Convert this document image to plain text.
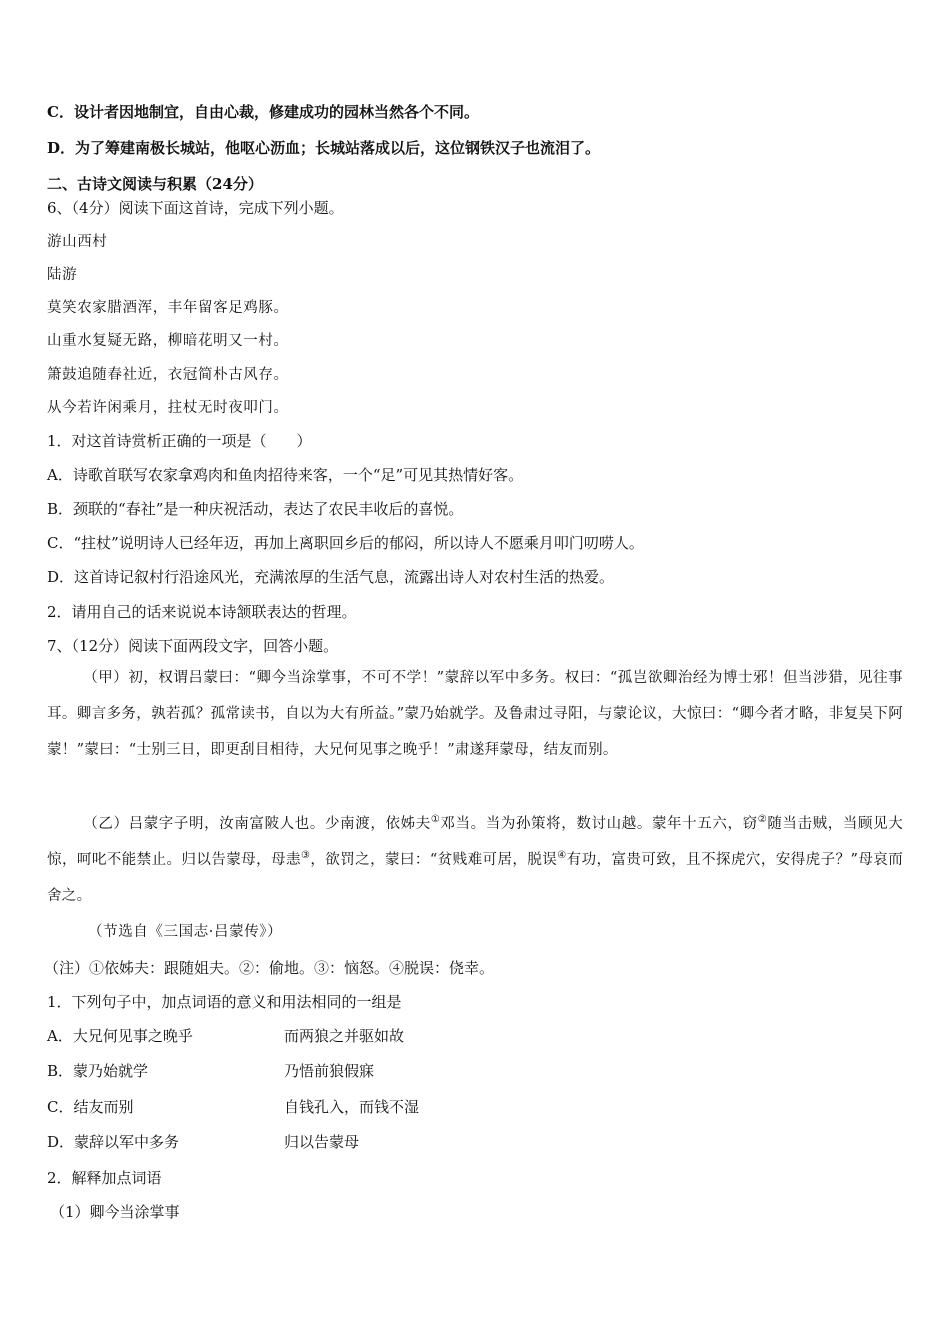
C．设计者因地制宜，自由心裁，修建成功的园林当然各个不同。
D．为了筹建南极长城站，他呕心沥血；长城站落成以后，这位钢铁汉子也流泪了。
二、古诗文阅读与积累（24分）
6、（4分）阅读下面这首诗，完成下列小题。
游山西村
陆游
莫笑农家腊酒浑，丰年留客足鸡豚。
山重水复疑无路，柳暗花明又一村。
箫鼓追随春社近，衣冠简朴古风存。
从今若许闲乘月，拄杖无时夜叩门。
1．对这首诗赏析正确的一项是（　　）
A．诗歌首联写农家拿鸡肉和鱼肉招待来客，一个“足”可见其热情好客。
B．颈联的“春社”是一种庆祝活动，表达了农民丰收后的喜悦。
C．“拄杖”说明诗人已经年迈，再加上离职回乡后的郁闷，所以诗人不愿乘月叩门叨唠人。
D．这首诗记叙村行沿途风光，充满浓厚的生活气息，流露出诗人对农村生活的热爱。
2．请用自己的话来说说本诗颔联表达的哲理。
7、（12分）阅读下面两段文字，回答小题。
（甲）初，权谓吕蒙曰：“卿今当涂掌事，不可不学！”蒙辞以军中多务。权曰：“孤岂欲卿治经为博士邪！但当涉猎，见往事耳。卿言多务，孰若孤？孤常读书，自以为大有所益。”蒙乃始就学。及鲁肃过寻阳，与蒙论议，大惊曰：“卿今者才略，非复吴下阿蒙！”蒙曰：“士别三日，即更刮目相待，大兄何见事之晚乎！”肃遂拜蒙母，结友而别。
（乙）吕蒙字子明，汝南富陂人也。少南渡，依姊夫①邓当。当为孙策将，数讨山越。蒙年十五六，窃②随当击贼，当顾见大惊，呵叱不能禁止。归以告蒙母，母恚③，欲罚之，蒙曰：“贫贱难可居，脱误④有功，富贵可致，且不探虎穴，安得虎子？”母哀而舍之。
（节选自《三国志·吕蒙传》）
（注）①依姊夫：跟随姐夫。②：偷地。③：恼怒。④脱误：侥幸。
1．下列句子中，加点词语的意义和用法相同的一组是
A．大兄何见事之晚乎	而两狼之并驱如故
B．蒙乃始就学	乃悟前狼假寐
C．结友而别	自钱孔入，而钱不湿
D．蒙辞以军中多务	归以告蒙母
2．解释加点词语
（1）卿今当涂掌事
